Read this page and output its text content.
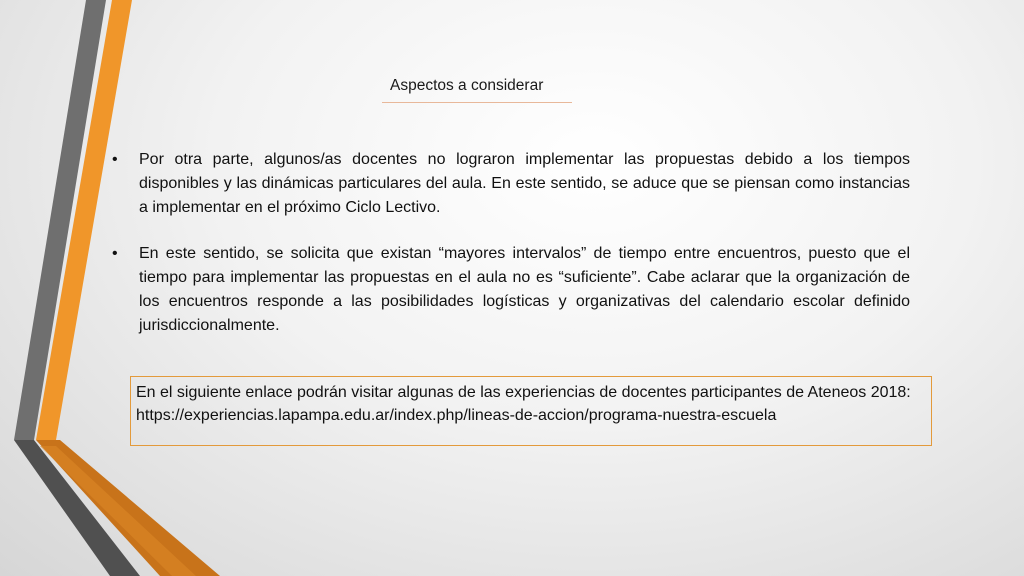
Aspectos a considerar
• Por otra parte, algunos/as docentes no lograron implementar las propuestas debido a los tiempos disponibles y las dinámicas particulares del aula. En este sentido, se aduce que se piensan como instancias a implementar en el próximo Ciclo Lectivo.
• En este sentido, se solicita que existan “mayores intervalos” de tiempo entre encuentros, puesto que el tiempo para implementar las propuestas en el aula no es “suficiente”. Cabe aclarar que la organización de los encuentros responde a las posibilidades logísticas y organizativas del calendario escolar definido jurisdiccionalmente.
En el siguiente enlace podrán visitar algunas de las experiencias de docentes participantes de Ateneos 2018:
https://experiencias.lapampa.edu.ar/index.php/lineas-de-accion/programa-nuestra-escuela
